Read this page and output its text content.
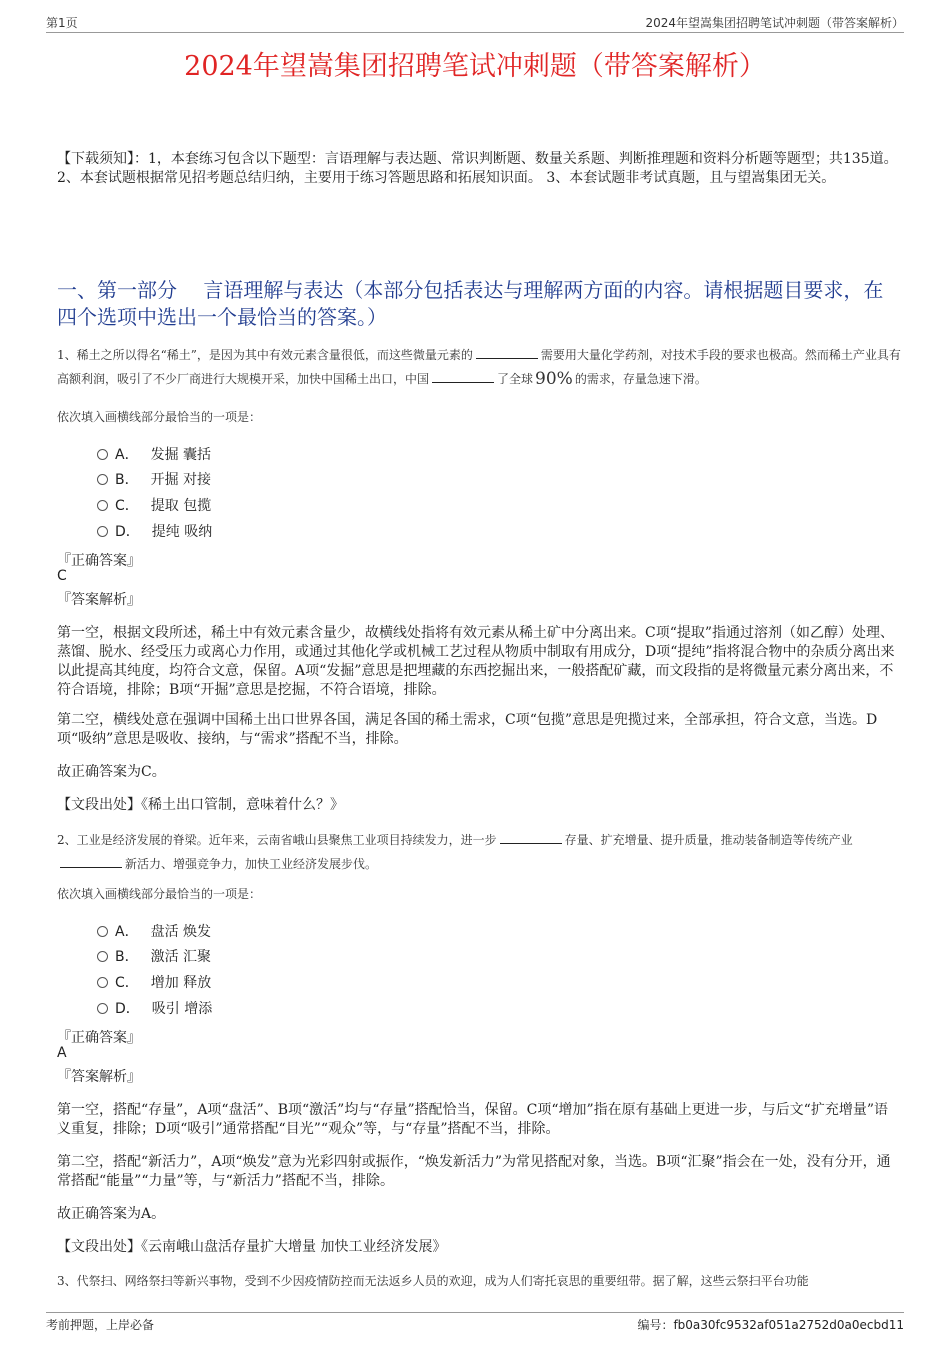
第1页	2024年望嵩集团招聘笔试冲刺题（带答案解析）
2024年望嵩集团招聘笔试冲刺题（带答案解析）
【下载须知】：1，本套练习包含以下题型：言语理解与表达题、常识判断题、数量关系题、判断推理题和资料分析题等题型；共135道。 2、本套试题根据常见招考题总结归纳，主要用于练习答题思路和拓展知识面。 3、本套试题非考试真题，且与望嵩集团无关。
一、第一部分　 言语理解与表达（本部分包括表达与理解两方面的内容。请根据题目要求，在四个选项中选出一个最恰当的答案。）
1、稀土之所以得名“稀土”，是因为其中有效元素含量很低，而这些微量元素的	需要用大量化学药剂，对技术手段的要求也极高。然而稀土产业具有高额利润，吸引了不少厂商进行大规模开采，加快中国稀土出口，中国	了全球 90% 的需求，存量急速下滑。
依次填入画横线部分最恰当的一项是：
A． 发掘 囊括
B． 开掘 对接
C． 提取 包揽
D． 提纯 吸纳
『正确答案』
C
『答案解析』
第一空，根据文段所述，稀土中有效元素含量少，故横线处指将有效元素从稀土矿中分离出来。C项“提取”指通过溶剂（如乙醇）处理、蒸馏、脱水、经受压力或离心力作用，或通过其他化学或机械工艺过程从物质中制取有用成分，D项“提纯”指将混合物中的杂质分离出来以此提高其纯度，均符合文意，保留。A项“发掘”意思是把埋藏的东西挖掘出来，一般搭配矿藏，而文段指的是将微量元素分离出来，不符合语境，排除；B项“开掘”意思是挖掘，不符合语境，排除。
第二空，横线处意在强调中国稀土出口世界各国，满足各国的稀土需求，C项“包揽”意思是兜揽过来，全部承担，符合文意，当选。D项“吸纳”意思是吸收、接纳，与“需求”搭配不当，排除。
故正确答案为C。
【文段出处】《稀土出口管制，意味着什么？》
2、工业是经济发展的脊梁。近年来，云南省峨山县聚焦工业项目持续发力，进一步	存量、扩充增量、提升质量，推动装备制造等传统产业新活力、增强竞争力，加快工业经济发展步伐。
依次填入画横线部分最恰当的一项是：
A． 盘活 焕发
B． 激活 汇聚
C． 增加 释放
D． 吸引 增添
『正确答案』
A
『答案解析』
第一空，搭配“存量”，A项“盘活”、B项“激活”均与“存量”搭配恰当，保留。C项“增加”指在原有基础上更进一步，与后文“扩充增量”语义重复，排除；D项“吸引”通常搭配“目光”“观众”等，与“存量”搭配不当，排除。
第二空，搭配“新活力”，A项“焕发”意为光彩四射或振作，“焕发新活力”为常见搭配对象，当选。B项“汇聚”指会在一处，没有分开，通常搭配“能量”“力量”等，与“新活力”搭配不当，排除。
故正确答案为A。
【文段出处】《云南峨山盘活存量扩大增量 加快工业经济发展》
3、代祭扫、网络祭扫等新兴事物，受到不少因疫情防控而无法返乡人员的欢迎，成为人们寄托哀思的重要纽带。据了解，这些云祭扫平台功能
考前押题，上岸必备	编号：fb0a30fc9532af051a2752d0a0ecbd11
